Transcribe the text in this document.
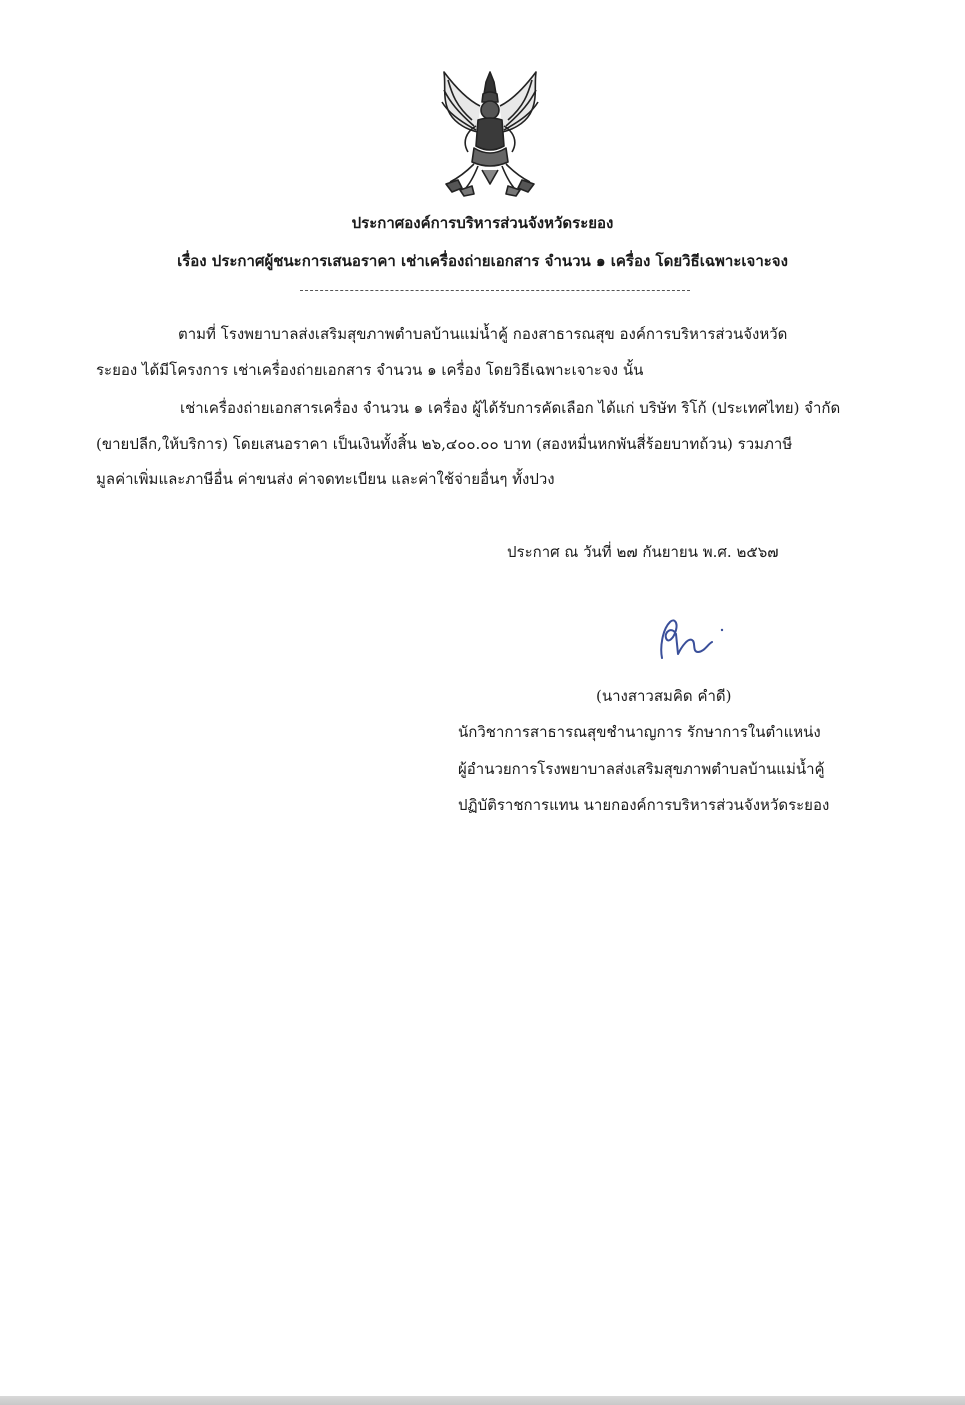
ประกาศองค์การบริหารส่วนจังหวัดระยอง
เรื่อง ประกาศผู้ชนะการเสนอราคา เช่าเครื่องถ่ายเอกสาร จำนวน ๑ เครื่อง โดยวิธีเฉพาะเจาะจง
ตามที่ โรงพยาบาลส่งเสริมสุขภาพตำบลบ้านแม่น้ำคู้ กองสาธารณสุข องค์การบริหารส่วนจังหวัด
ระยอง ได้มีโครงการ เช่าเครื่องถ่ายเอกสาร จำนวน ๑ เครื่อง โดยวิธีเฉพาะเจาะจง นั้น
เช่าเครื่องถ่ายเอกสารเครื่อง จำนวน ๑ เครื่อง ผู้ได้รับการคัดเลือก ได้แก่ บริษัท ริโก้ (ประเทศไทย) จำกัด
(ขายปลีก,ให้บริการ) โดยเสนอราคา เป็นเงินทั้งสิ้น ๒๖,๔๐๐.๐๐ บาท (สองหมื่นหกพันสี่ร้อยบาทถ้วน) รวมภาษี
มูลค่าเพิ่มและภาษีอื่น ค่าขนส่ง ค่าจดทะเบียน และค่าใช้จ่ายอื่นๆ ทั้งปวง
ประกาศ ณ วันที่ ๒๗ กันยายน พ.ศ. ๒๕๖๗
(นางสาวสมคิด คำดี)
นักวิชาการสาธารณสุขชำนาญการ รักษาการในตำแหน่ง
ผู้อำนวยการโรงพยาบาลส่งเสริมสุขภาพตำบลบ้านแม่น้ำคู้
ปฏิบัติราชการแทน นายกองค์การบริหารส่วนจังหวัดระยอง
